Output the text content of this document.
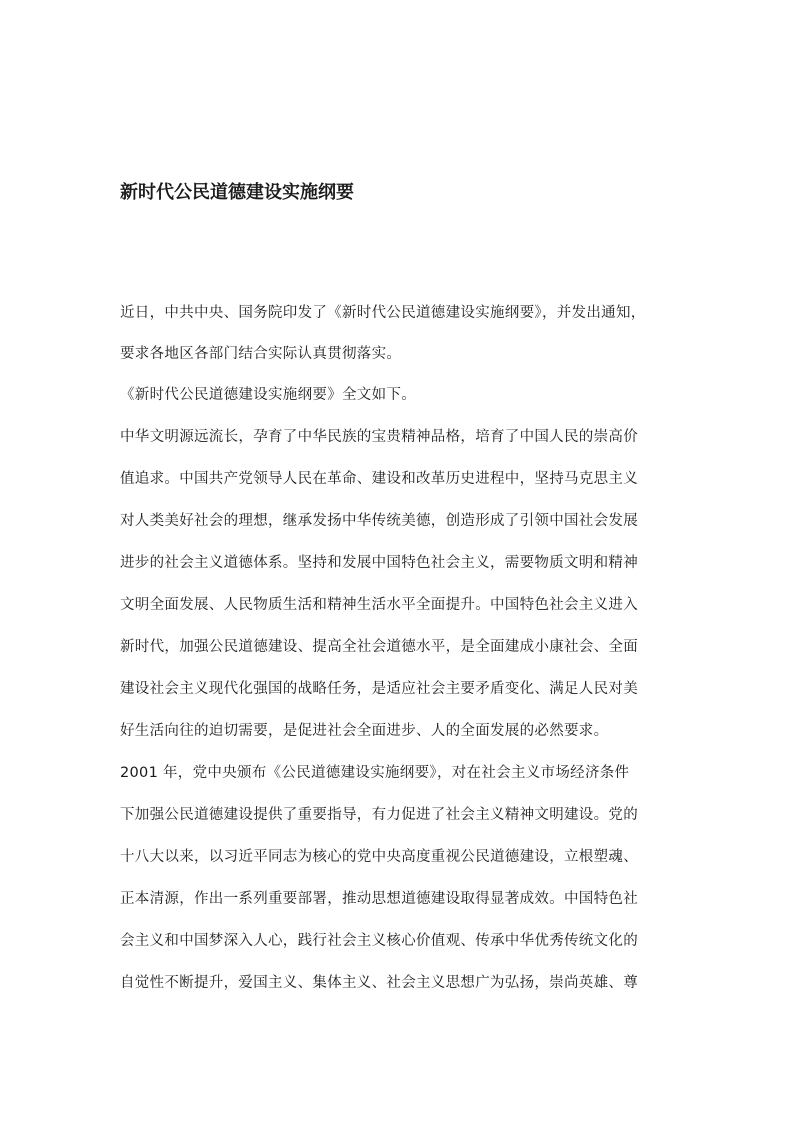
新时代公民道德建设实施纲要

近日，中共中央、国务院印发了《新时代公民道德建设实施纲要》，并发出通知，

要求各地区各部门结合实际认真贯彻落实。

《新时代公民道德建设实施纲要》全文如下。

中华文明源远流长，孕育了中华民族的宝贵精神品格，培育了中国人民的崇高价

值追求。中国共产党领导人民在革命、建设和改革历史进程中，坚持马克思主义

对人类美好社会的理想，继承发扬中华传统美德，创造形成了引领中国社会发展

进步的社会主义道德体系。坚持和发展中国特色社会主义，需要物质文明和精神

文明全面发展、人民物质生活和精神生活水平全面提升。中国特色社会主义进入

新时代，加强公民道德建设、提高全社会道德水平，是全面建成小康社会、全面

建设社会主义现代化强国的战略任务，是适应社会主要矛盾变化、满足人民对美

好生活向往的迫切需要，是促进社会全面进步、人的全面发展的必然要求。

2001 年，党中央颁布《公民道德建设实施纲要》，对在社会主义市场经济条件

下加强公民道德建设提供了重要指导，有力促进了社会主义精神文明建设。党的

十八大以来，以习近平同志为核心的党中央高度重视公民道德建设，立根塑魂、

正本清源，作出一系列重要部署，推动思想道德建设取得显著成效。中国特色社

会主义和中国梦深入人心，践行社会主义核心价值观、传承中华优秀传统文化的

自觉性不断提升，爱国主义、集体主义、社会主义思想广为弘扬，崇尚英雄、尊
